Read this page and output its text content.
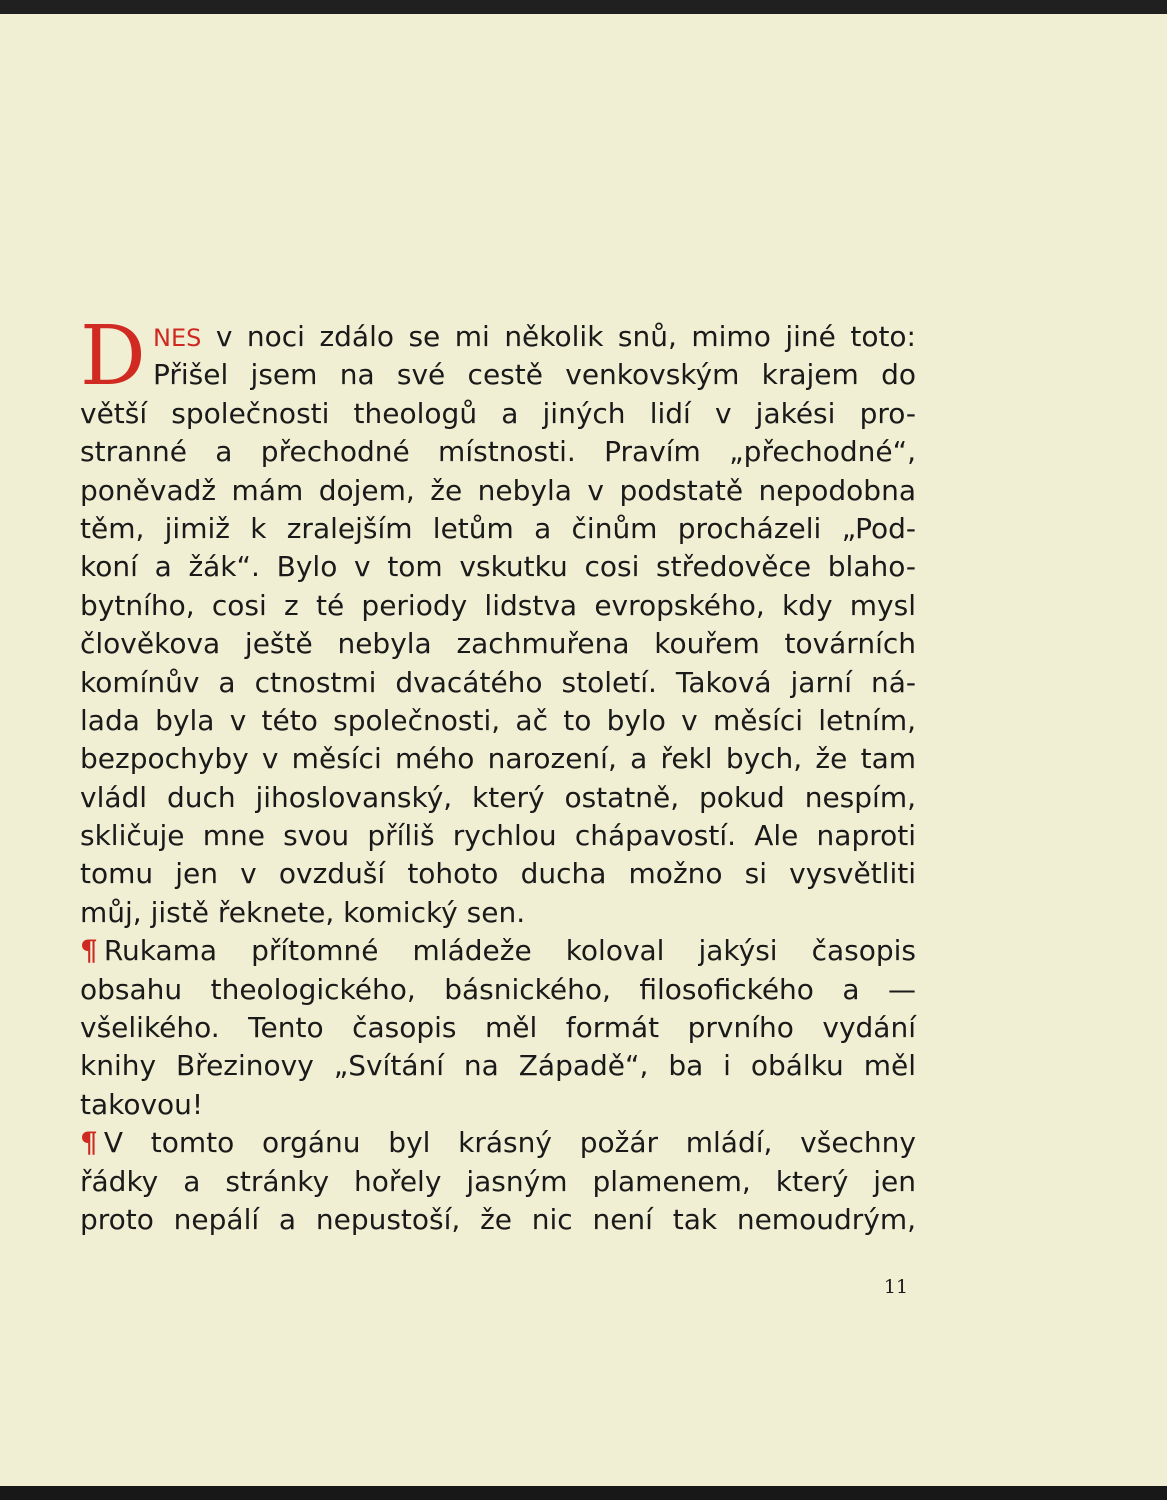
D NES v noci zdálo se mi několik snů, mimo jiné toto:
Přišel jsem na své cestě venkovským krajem do
větší společnosti theologů a jiných lidí v jakési pro-
stranné a přechodné místnosti. Pravím „přechodné“,
poněvadž mám dojem, že nebyla v podstatě nepodobna
těm, jimiž k zralejším letům a činům procházeli „Pod-
koní a žák“. Bylo v tom vskutku cosi středověce blaho-
bytního, cosi z té periody lidstva evropského, kdy mysl
člověkova ještě nebyla zachmuřena kouřem továrních
komínův a ctnostmi dvacátého století. Taková jarní ná-
lada byla v této společnosti, ač to bylo v měsíci letním,
bezpochyby v měsíci mého narození, a řekl bych, že tam
vládl duch jihoslovanský, který ostatně, pokud nespím,
skličuje mne svou příliš rychlou chápavostí. Ale naproti
tomu jen v ovzduší tohoto ducha možno si vysvětliti
můj, jistě řeknete, komický sen.
¶ Rukama přítomné mládeže koloval jakýsi časopis
obsahu theologického, básnického, filosofického a —
všelikého. Tento časopis měl formát prvního vydání
knihy Březinovy „Svítání na Západě“, ba i obálku měl
takovou!
¶ V tomto orgánu byl krásný požár mládí, všechny
řádky a stránky hořely jasným plamenem, který jen
proto nepálí a nepustoší, že nic není tak nemoudrým,
11
